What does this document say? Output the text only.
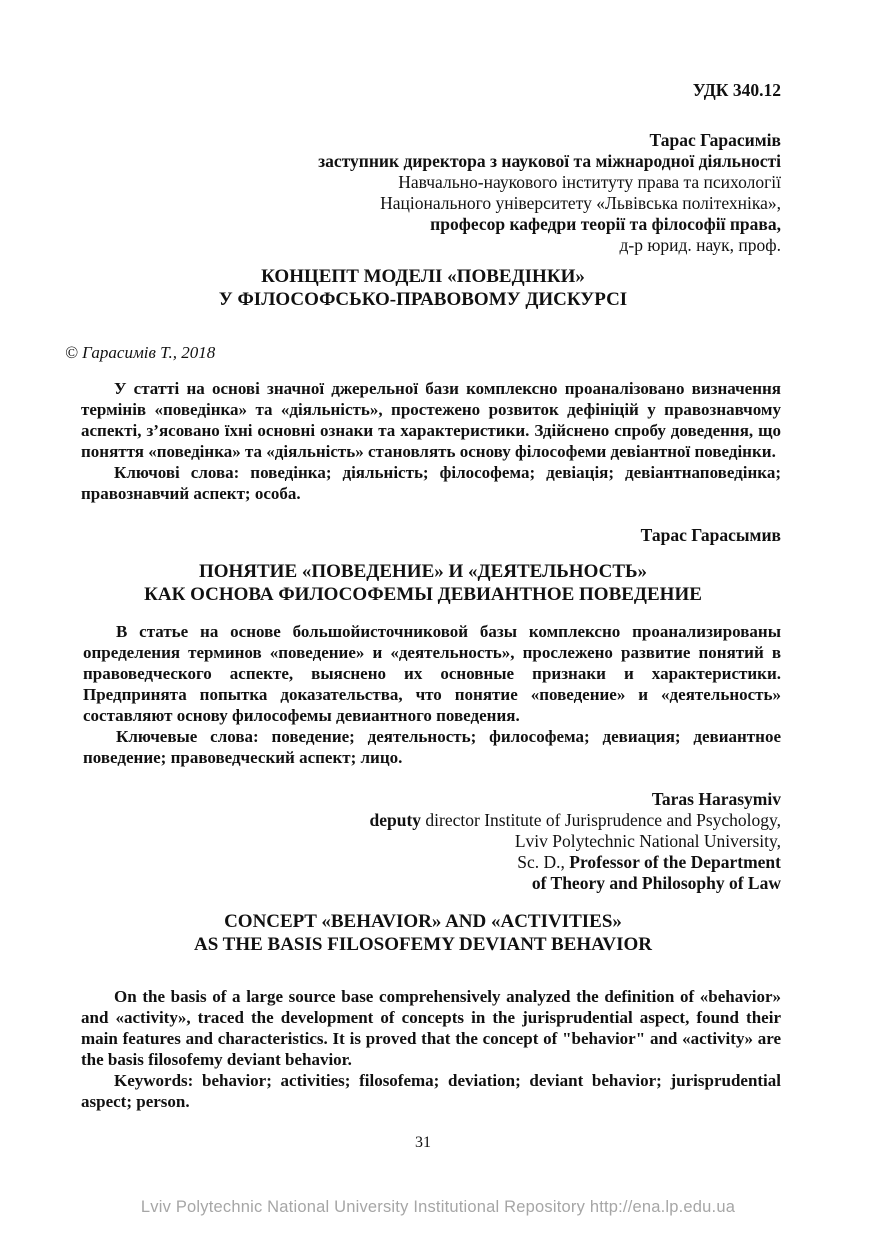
УДК 340.12
Тарас Гарасимів
заступник директора з наукової та міжнародної діяльності
Навчально-наукового інституту права та психології
Національного університету «Львівська політехніка»,
професор кафедри теорії та філософії права,
д-р юрид. наук, проф.
КОНЦЕПТ МОДЕЛІ «ПОВЕДІНКИ»
У ФІЛОСОФСЬКО-ПРАВОВОМУ ДИСКУРСІ
© Гарасимів Т., 2018

У статті на основі значної джерельної бази комплексно проаналізовано визначення термінів «поведінка» та «діяльність», простежено розвиток дефініцій у правознавчому аспекті, з’ясовано їхні основні ознаки та характеристики. Здійснено спробу доведення, що поняття «поведінка» та «діяльність» становлять основу філософеми девіантної поведінки.

Ключові слова: поведінка; діяльність; філософема; девіація; девіантнаповедінка; правознавчий аспект; особа.

Тарас Гарасымив
ПОНЯТИЕ «ПОВЕДЕНИЕ» И «ДЕЯТЕЛЬНОСТЬ»
КАК ОСНОВА ФИЛОСОФЕМЫ ДЕВИАНТНОЕ ПОВЕДЕНИЕ

В статье на основе большойисточниковой базы комплексно проанализированы определения терминов «поведение» и «деятельность», прослежено развитие понятий в правоведческого аспекте, выяснено их основные признаки и характеристики. Предпринята попытка доказательства, что понятие «поведение» и «деятельность» составляют основу философемы девиантного поведения.

Ключевые слова: поведение; деятельность; философема; девиация; девиантное поведение; правоведческий аспект; лицо.

Taras Harasymiv
deputy director Institute of Jurisprudence and Psychology,
Lviv Polytechnic National University,
Sc. D., Professor of the Department
of Theory and Philosophy of Law
CONCEPT «BEHAVIOR» AND «ACTIVITIES»
AS THE BASIS FILOSOFEMY DEVIANT BEHAVIOR

On the basis of a large source base comprehensively analyzed the definition of «behavior» and «activity», traced the development of concepts in the jurisprudential aspect, found their main features and characteristics. It is proved that the concept of "behavior" and «activity» are the basis filosofemy deviant behavior.

Keywords: behavior; activities; filosofema; deviation; deviant behavior; jurisprudential aspect; person.

31
Lviv Polytechnic National University Institutional Repository http://ena.lp.edu.ua
